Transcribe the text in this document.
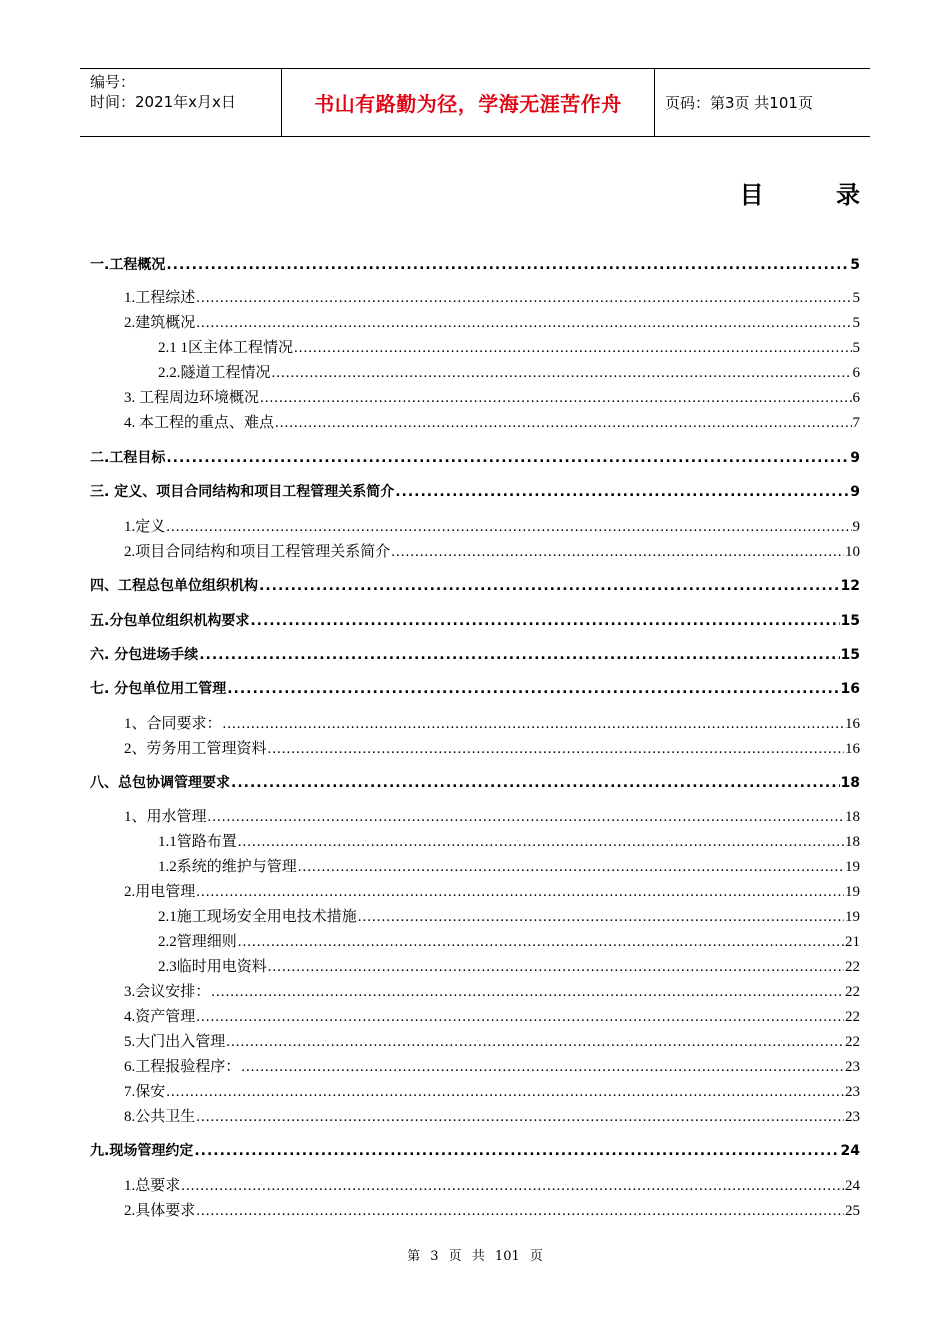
编号：
时间：2021年x月x日	书山有路勤为径，学海无涯苦作舟	页码：第3页 共101页
目 录
一.工程概况 .....	5
1.工程综述 .....	5
2.建筑概况 .....	5
2.1 1区主体工程情况 .....	5
2.2.隧道工程情况 .....	6
3. 工程周边环境概况 .....	6
4. 本工程的重点、难点 .....	7
二.工程目标 .....	9
三. 定义、项目合同结构和项目工程管理关系简介 .....	9
1.定义 .....	9
2.项目合同结构和项目工程管理关系简介 .....	10
四、工程总包单位组织机构 .....	12
五.分包单位组织机构要求 .....	15
六. 分包进场手续 .....	15
七. 分包单位用工管理 .....	16
1、合同要求： .....	16
2、劳务用工管理资料 .....	16
八、总包协调管理要求 .....	18
1、用水管理 .....	18
1.1管路布置 .....	18
1.2系统的维护与管理 .....	19
2.用电管理 .....	19
2.1施工现场安全用电技术措施 .....	19
2.2管理细则 .....	21
2.3临时用电资料 .....	22
3.会议安排： .....	22
4.资产管理 .....	22
5.大门出入管理 .....	22
6.工程报验程序： .....	23
7.保安 .....	23
8.公共卫生 .....	23
九.现场管理约定 .....	24
1.总要求 .....	24
2.具体要求 .....	25
第 3 页 共 101 页
